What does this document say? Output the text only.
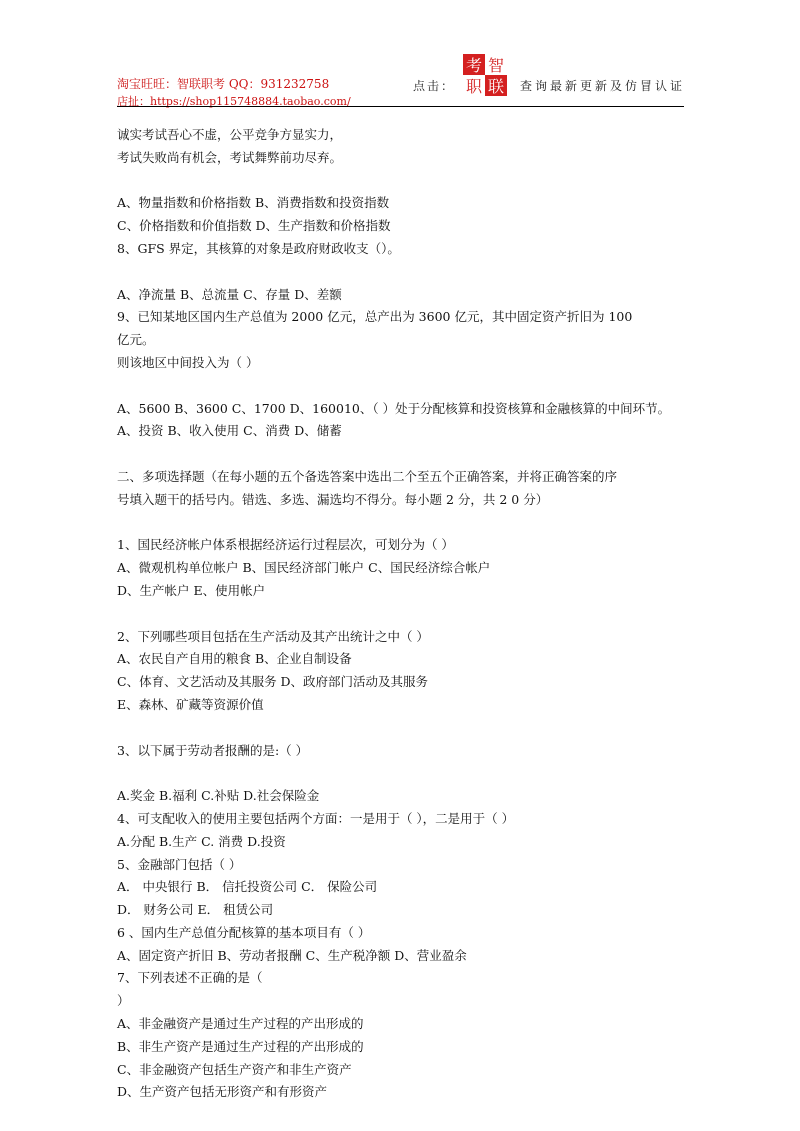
淘宝旺旺：智联职考 QQ：931232758
店扯：https://shop115748884.taobao.com/
点击：
考 智
职 联 查询最新更新及仿冒认证
诚实考试吾心不虚，公平竞争方显实力，
考试失败尚有机会，考试舞弊前功尽弃。
A、物量指数和价格指数 B、消费指数和投资指数
C、价格指数和价值指数 D、生产指数和价格指数
8、GFS 界定，其核算的对象是政府财政收支（）。
A、净流量 B、总流量 C、存量 D、差额
9、已知某地区国内生产总值为 2000 亿元，总产出为 3600 亿元，其中固定资产折旧为 100
亿元。
则该地区中间投入为（ ）
A、5600 B、3600 C、1700 D、160010、（ ）处于分配核算和投资核算和金融核算的中间环节。
A、投资 B、收入使用 C、消费 D、储蓄
二、多项选择题（在每小题的五个备选答案中选出二个至五个正确答案，并将正确答案的序
号填入题干的括号内。错选、多选、漏选均不得分。每小题 2 分，共 2 0 分）
1、国民经济帐户体系根据经济运行过程层次，可划分为（ ）
A、微观机构单位帐户 B、国民经济部门帐户 C、国民经济综合帐户
D、生产帐户 E、使用帐户
2、下列哪些项目包括在生产活动及其产出统计之中（ ）
A、农民自产自用的粮食 B、企业自制设备
C、体育、文艺活动及其服务 D、政府部门活动及其服务
E、森林、矿藏等资源价值
3、以下属于劳动者报酬的是:（ ）
A.奖金 B.福利 C.补贴 D.社会保险金
4、可支配收入的使用主要包括两个方面：一是用于（ ），二是用于（ ）
A.分配 B.生产 C. 消费 D.投资
5、金融部门包括（ ）
A． 中央银行 B． 信托投资公司 C． 保险公司
D． 财务公司 E． 租赁公司
6 、国内生产总值分配核算的基本项目有（ ）
A、固定资产折旧 B、劳动者报酬 C、生产税净额 D、营业盈余
7、下列表述不正确的是（
）
A、非金融资产是通过生产过程的产出形成的
B、非生产资产是通过生产过程的产出形成的
C、非金融资产包括生产资产和非生产资产
D、生产资产包括无形资产和有形资产
